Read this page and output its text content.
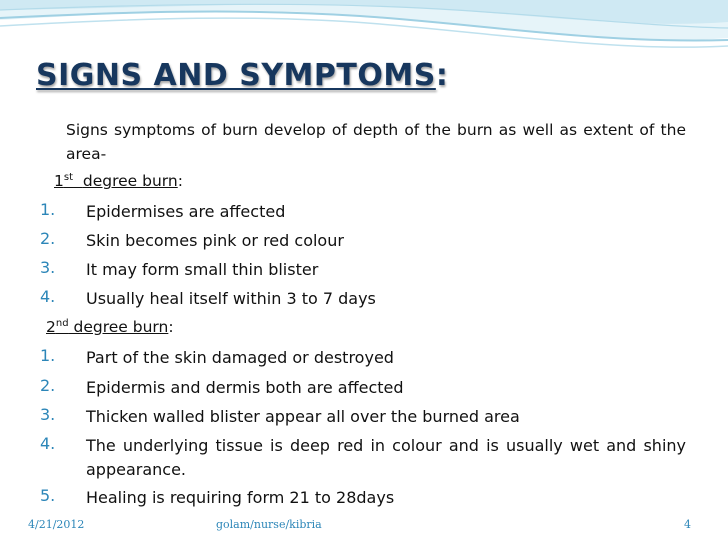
SIGNS AND SYMPTOMS:
Signs symptoms of burn develop of depth of the burn as well as extent of the area-
1st degree burn:
1.	Epidermises are affected
2.	Skin becomes pink or red colour
3.	It may form small thin blister
4.	Usually heal itself within 3 to 7 days
2nd degree burn:
1.	Part of the skin damaged or destroyed
2.	Epidermis and dermis both are affected
3.	Thicken walled blister appear all over the burned area
4.	The underlying tissue is deep red in colour and is usually wet and shiny appearance.
5.	Healing is requiring form 21 to 28days
4/21/2012	golam/nurse/kibria	4
